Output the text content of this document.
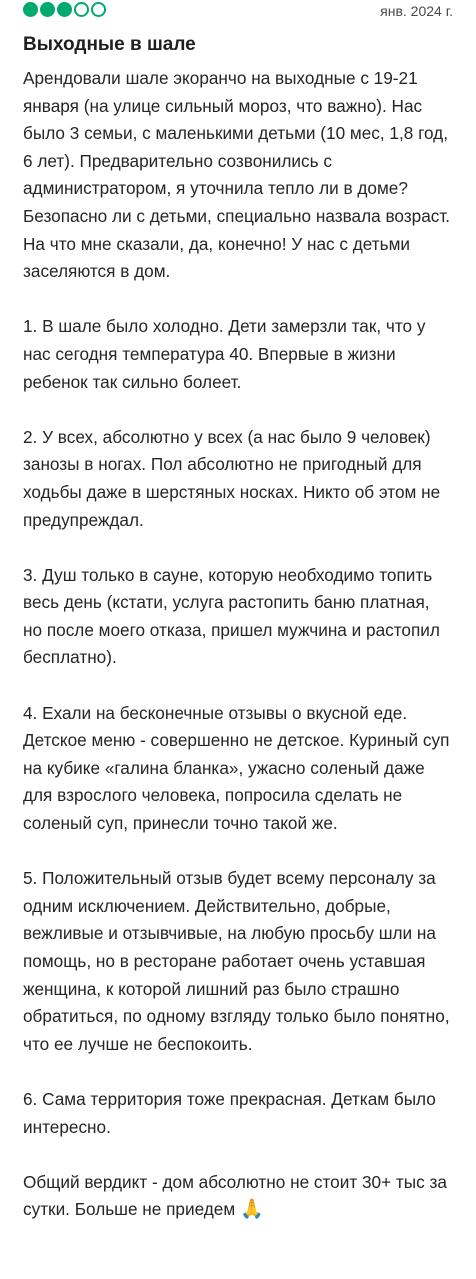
янв. 2024 г.
Выходные в шале

Арендовали шале экоранчо на выходные с 19-21 января (на улице сильный мороз, что важно). Нас было 3 семьи, с маленькими детьми (10 мес, 1,8 год, 6 лет). Предварительно созвонились с администратором, я уточнила тепло ли в доме? Безопасно ли с детьми, специально назвала возраст. На что мне сказали, да, конечно! У нас с детьми заселяются в дом.

1. В шале было холодно. Дети замерзли так, что у нас сегодня температура 40. Впервые в жизни ребенок так сильно болеет.

2. У всех, абсолютно у всех (а нас было 9 человек) занозы в ногах. Пол абсолютно не пригодный для ходьбы даже в шерстяных носках. Никто об этом не предупреждал.

3. Душ только в сауне, которую необходимо топить весь день (кстати, услуга растопить баню платная, но после моего отказа, пришел мужчина и растопил бесплатно).

4. Ехали на бесконечные отзывы о вкусной еде. Детское меню - совершенно не детское. Куриный суп на кубике «галина бланка», ужасно соленый даже для взрослого человека, попросила сделать не соленый суп, принесли точно такой же.

5. Положительный отзыв будет всему персоналу за одним исключением. Действительно, добрые, вежливые и отзывчивые, на любую просьбу шли на помощь, но в ресторане работает очень уставшая женщина, к которой лишний раз было страшно обратиться, по одному взгляду только было понятно, что ее лучше не беспокоить.

6. Сама территория тоже прекрасная. Деткам было интересно.

Общий вердикт - дом абсолютно не стоит 30+ тыс за сутки. Больше не приедем 🙏
